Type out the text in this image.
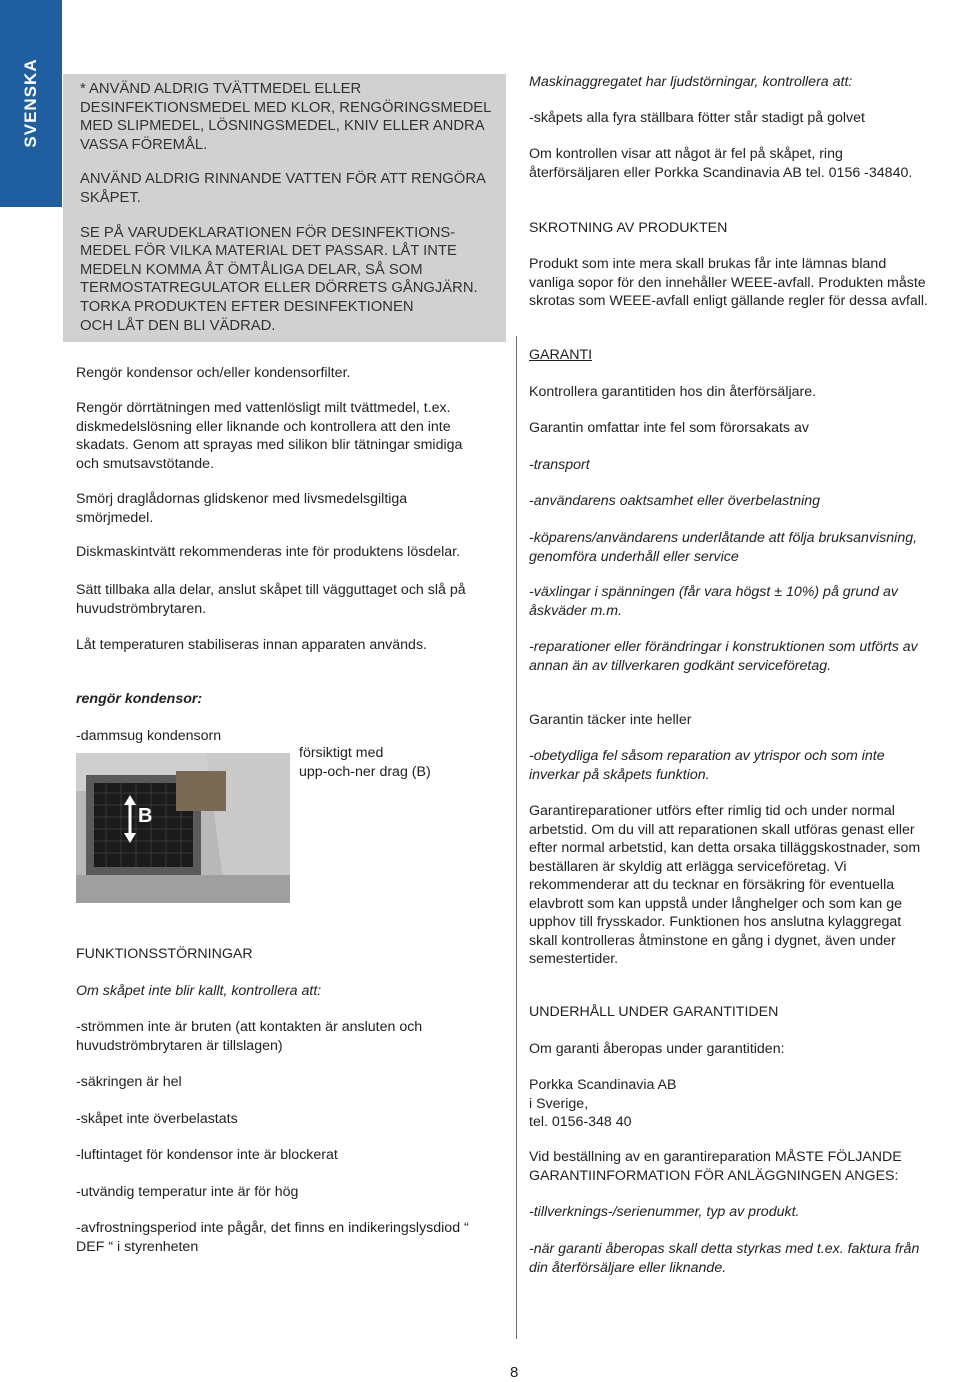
SVENSKA	* ANVÄND ALDRIG TVÄTTMEDEL ELLER
DESINFEKTIONSMEDEL MED KLOR, RENGÖRINGSMEDEL
MED SLIPMEDEL, LÖSNINGSMEDEL, KNIV ELLER ANDRA
VASSA FÖREMÅL.

ANVÄND ALDRIG RINNANDE VATTEN FÖR ATT RENGÖRA
SKÅPET.

SE PÅ VARUDEKLARATIONEN FÖR DESINFEKTIONS-
MEDEL FÖR VILKA MATERIAL DET PASSAR. LÅT INTE
MEDELN KOMMA ÅT ÖMTÅLIGA DELAR, SÅ SOM
TERMOSTATREGULATOR ELLER DÖRRETS GÅNGJÄRN.
TORKA PRODUKTEN EFTER DESINFEKTIONEN
OCH LÅT DEN BLI VÄDRAD.

Rengör kondensor och/eller kondensorfilter.

Rengör dörrtätningen med vattenlösligt milt tvättmedel, t.ex.
diskmedelslösning eller liknande och kontrollera att den inte
skadats. Genom att sprayas med silikon blir tätningar smidiga
och smutsavstötande.

Smörj draglådornas glidskenor med livsmedelsgiltiga
smörjmedel.

Diskmaskintvätt rekommenderas inte för produktens lösdelar.

Sätt tillbaka alla delar, anslut skåpet till vägguttaget och slå på
huvudströmbrytaren.

Låt temperaturen stabiliseras innan apparaten används.

rengör kondensor:
-dammsug kondensorn
B
försiktigt med
upp-och-ner drag (B)
FUNKTIONSSTÖRNINGAR
Om skåpet inte blir kallt, kontrollera att:

-strömmen inte är bruten (att kontakten är ansluten och
huvudströmbrytaren är tillslagen)

-säkringen är hel
-skåpet inte överbelastats
-luftintaget för kondensor inte är blockerat
-utvändig temperatur inte är för hög

-avfrostningsperiod inte pågår, det finns en indikeringslysdiod “
DEF “ i styrenheten

Maskinaggregatet har ljudstörningar, kontrollera att:
-skåpets alla fyra ställbara fötter står stadigt på golvet

Om kontrollen visar att något är fel på skåpet, ring
återförsäljaren eller Porkka Scandinavia AB tel. 0156 -34840.

SKROTNING AV PRODUKTEN

Produkt som inte mera skall brukas får inte lämnas bland
vanliga sopor för den innehåller WEEE-avfall. Produkten måste
skrotas som WEEE-avfall enligt gällande regler för dessa avfall.

GARANTI
Kontrollera garantitiden hos din återförsäljare.
Garantin omfattar inte fel som förorsakats av
-transport
-användarens oaktsamhet eller överbelastning

-köparens/användarens underlåtande att följa bruksanvisning,
genomföra underhåll eller service

-växlingar i spänningen (får vara högst ± 10%) på grund av
åskväder m.m.

-reparationer eller förändringar i konstruktionen som utförts av
annan än av tillverkaren godkänt serviceföretag.

Garantin täcker inte heller

-obetydliga fel såsom reparation av ytrispor och som inte
inverkar på skåpets funktion.

Garantireparationer utförs efter rimlig tid och under normal
arbetstid. Om du vill att reparationen skall utföras genast eller
efter normal arbetstid, kan detta orsaka tilläggskostnader, som
beställaren är skyldig att erlägga serviceföretag. Vi
rekommenderar att du tecknar en försäkring för eventuella
elavbrott som kan uppstå under långhelger och som kan ge
upphov till frysskador. Funktionen hos anslutna kylaggregat
skall kontrolleras åtminstone en gång i dygnet, även under
semestertider.

UNDERHÅLL UNDER GARANTITIDEN
Om garanti åberopas under garantitiden:

Porkka Scandinavia AB
i Sverige,
tel. 0156-348 40

Vid beställning av en garantireparation MÅSTE FÖLJANDE
GARANTIINFORMATION FÖR ANLÄGGNINGEN ANGES:

-tillverknings-/serienummer, typ av produkt.

-när garanti åberopas skall detta styrkas med t.ex. faktura från
din återförsäljare eller liknande.

8
